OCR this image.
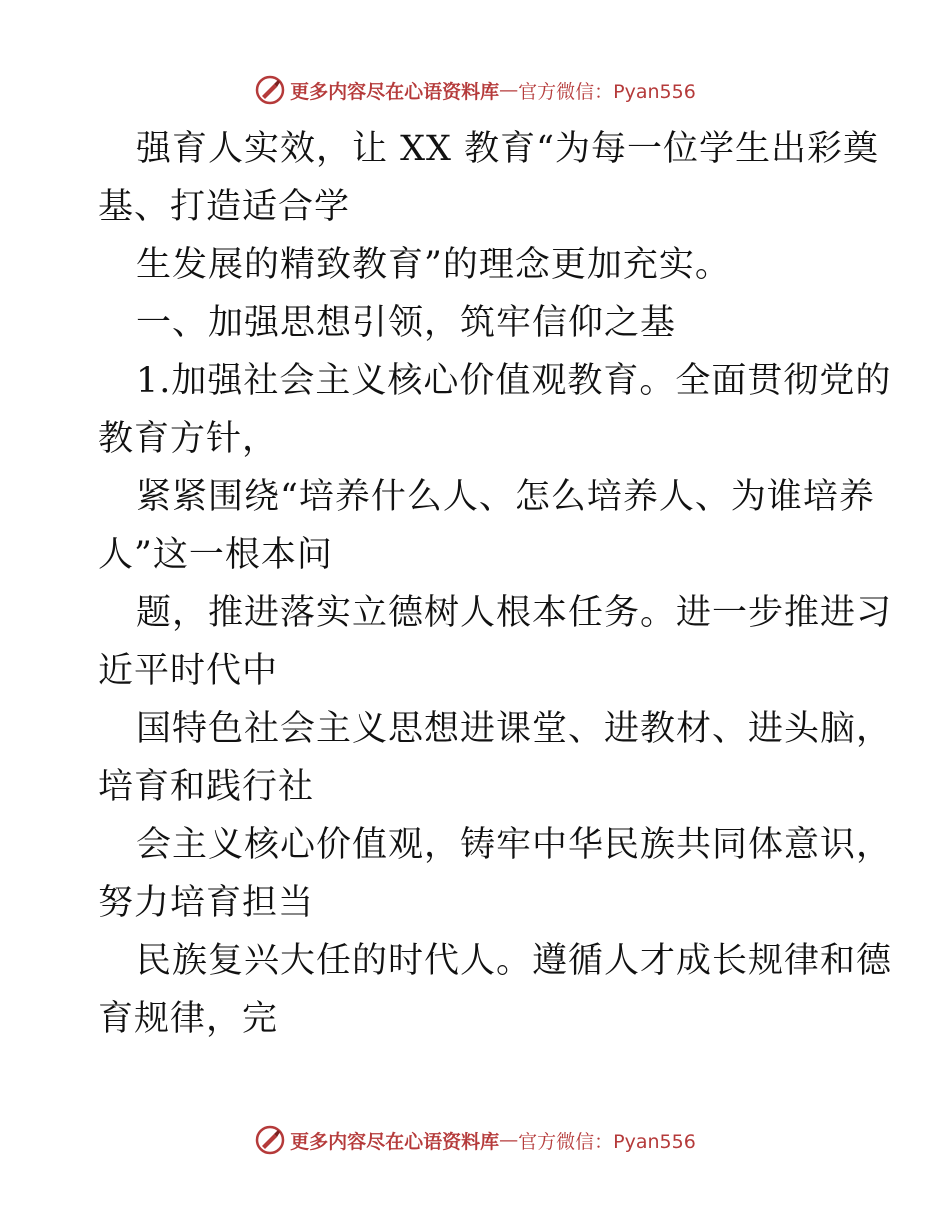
更多内容尽在心语资料库 — 官方微信：Pyan556
强育人实效，让 XX 教育“为每一位学生出彩奠
基、打造适合学
生发展的精致教育”的理念更加充实。
一、加强思想引领，筑牢信仰之基
1.加强社会主义核心价值观教育。全面贯彻党的
教育方针，
紧紧围绕“培养什么人、怎么培养人、为谁培养
人”这一根本问
题，推进落实立德树人根本任务。进一步推进习
近平时代中
国特色社会主义思想进课堂、进教材、进头脑，
培育和践行社
会主义核心价值观，铸牢中华民族共同体意识，
努力培育担当
民族复兴大任的时代人。遵循人才成长规律和德
育规律，完
更多内容尽在心语资料库 — 官方微信：Pyan556
